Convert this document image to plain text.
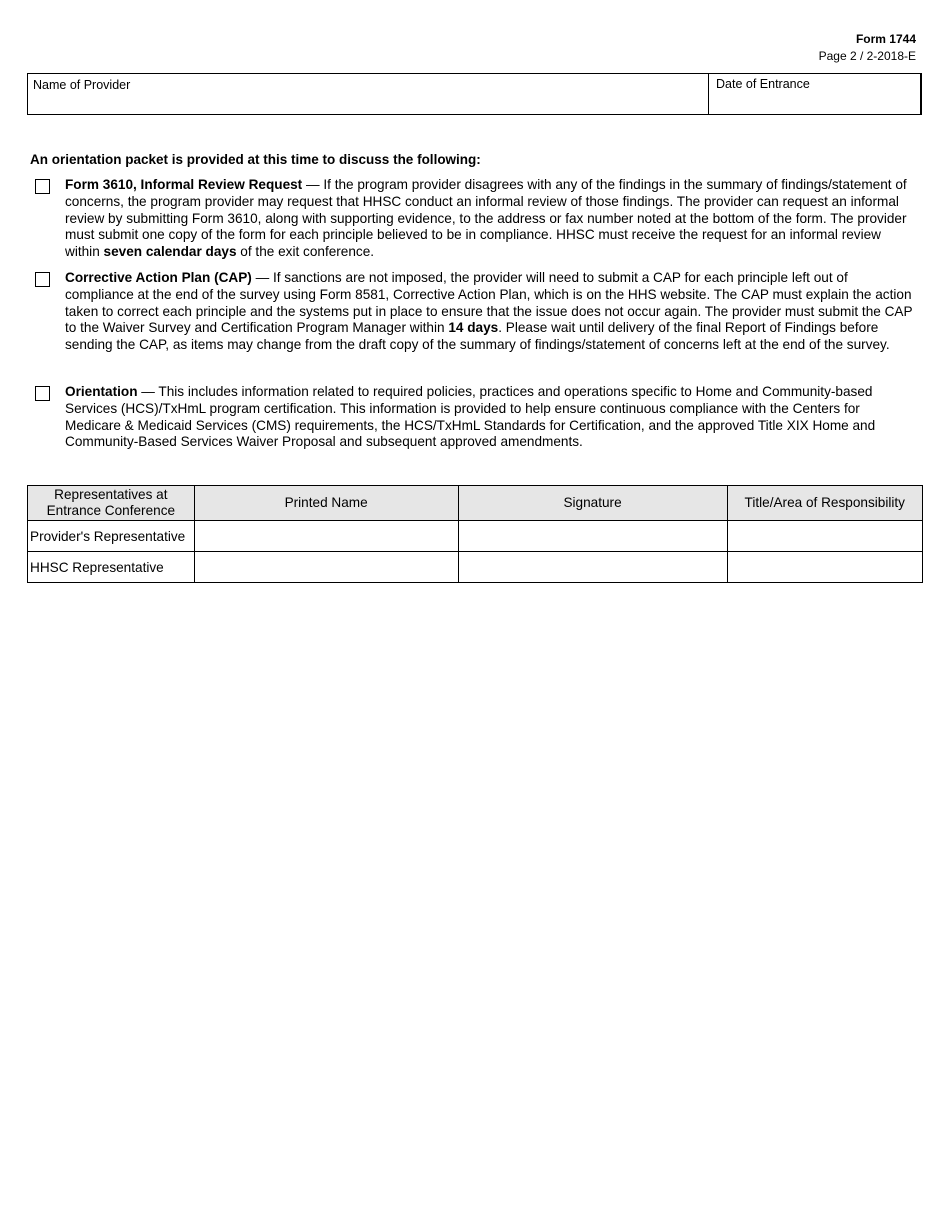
Form 1744
Page 2 / 2-2018-E
Name of Provider	Date of Entrance
An orientation packet is provided at this time to discuss the following:
Form 3610, Informal Review Request — If the program provider disagrees with any of the findings in the summary of findings/statement of concerns, the program provider may request that HHSC conduct an informal review of those findings. The provider can request an informal review by submitting Form 3610, along with supporting evidence, to the address or fax number noted at the bottom of the form. The provider must submit one copy of the form for each principle believed to be in compliance. HHSC must receive the request for an informal review within seven calendar days of the exit conference.
Corrective Action Plan (CAP) — If sanctions are not imposed, the provider will need to submit a CAP for each principle left out of compliance at the end of the survey using Form 8581, Corrective Action Plan, which is on the HHS website. The CAP must explain the action taken to correct each principle and the systems put in place to ensure that the issue does not occur again. The provider must submit the CAP to the Waiver Survey and Certification Program Manager within 14 days. Please wait until delivery of the final Report of Findings before sending the CAP, as items may change from the draft copy of the summary of findings/statement of concerns left at the end of the survey.
Orientation — This includes information related to required policies, practices and operations specific to Home and Community-based Services (HCS)/TxHmL program certification. This information is provided to help ensure continuous compliance with the Centers for Medicare & Medicaid Services (CMS) requirements, the HCS/TxHmL Standards for Certification, and the approved Title XIX Home and Community-Based Services Waiver Proposal and subsequent approved amendments.
Representatives at Entrance Conference	Printed Name	Signature	Title/Area of Responsibility
Provider's Representative			
HHSC Representative			
